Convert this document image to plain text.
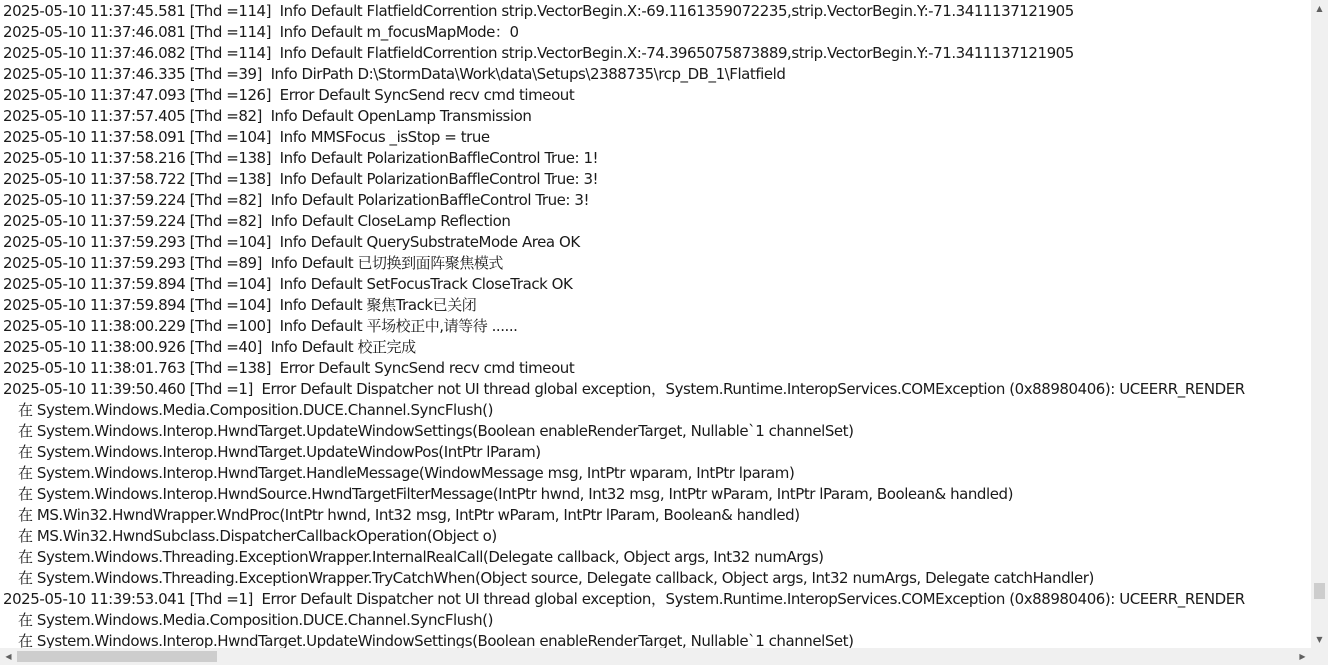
2025-05-10 11:37:45.581 [Thd =114]  Info Default FlatfieldCorrention strip.VectorBegin.X:-69.1161359072235,strip.VectorBegin.Y:-71.3411137121905
2025-05-10 11:37:46.081 [Thd =114]  Info Default m_focusMapMode：0
2025-05-10 11:37:46.082 [Thd =114]  Info Default FlatfieldCorrention strip.VectorBegin.X:-74.3965075873889,strip.VectorBegin.Y:-71.3411137121905
2025-05-10 11:37:46.335 [Thd =39]  Info DirPath D:\StormData\Work\data\Setups\2388735\rcp_DB_1\Flatfield
2025-05-10 11:37:47.093 [Thd =126]  Error Default SyncSend recv cmd timeout
2025-05-10 11:37:57.405 [Thd =82]  Info Default OpenLamp Transmission
2025-05-10 11:37:58.091 [Thd =104]  Info MMSFocus _isStop = true
2025-05-10 11:37:58.216 [Thd =138]  Info Default PolarizationBaffleControl True: 1!
2025-05-10 11:37:58.722 [Thd =138]  Info Default PolarizationBaffleControl True: 3!
2025-05-10 11:37:59.224 [Thd =82]  Info Default PolarizationBaffleControl True: 3!
2025-05-10 11:37:59.224 [Thd =82]  Info Default CloseLamp Reflection
2025-05-10 11:37:59.293 [Thd =104]  Info Default QuerySubstrateMode Area OK
2025-05-10 11:37:59.293 [Thd =89]  Info Default 已切换到面阵聚焦模式
2025-05-10 11:37:59.894 [Thd =104]  Info Default SetFocusTrack CloseTrack OK
2025-05-10 11:37:59.894 [Thd =104]  Info Default 聚焦Track已关闭
2025-05-10 11:38:00.229 [Thd =100]  Info Default 平场校正中,请等待 ......
2025-05-10 11:38:00.926 [Thd =40]  Info Default 校正完成
2025-05-10 11:38:01.763 [Thd =138]  Error Default SyncSend recv cmd timeout
2025-05-10 11:39:50.460 [Thd =1]  Error Default Dispatcher not UI thread global exception，System.Runtime.InteropServices.COMException (0x88980406): UCEERR_RENDER
在 System.Windows.Media.Composition.DUCE.Channel.SyncFlush()
在 System.Windows.Interop.HwndTarget.UpdateWindowSettings(Boolean enableRenderTarget, Nullable`1 channelSet)
在 System.Windows.Interop.HwndTarget.UpdateWindowPos(IntPtr lParam)
在 System.Windows.Interop.HwndTarget.HandleMessage(WindowMessage msg, IntPtr wparam, IntPtr lparam)
在 System.Windows.Interop.HwndSource.HwndTargetFilterMessage(IntPtr hwnd, Int32 msg, IntPtr wParam, IntPtr lParam, Boolean& handled)
在 MS.Win32.HwndWrapper.WndProc(IntPtr hwnd, Int32 msg, IntPtr wParam, IntPtr lParam, Boolean& handled)
在 MS.Win32.HwndSubclass.DispatcherCallbackOperation(Object o)
在 System.Windows.Threading.ExceptionWrapper.InternalRealCall(Delegate callback, Object args, Int32 numArgs)
在 System.Windows.Threading.ExceptionWrapper.TryCatchWhen(Object source, Delegate callback, Object args, Int32 numArgs, Delegate catchHandler)
2025-05-10 11:39:53.041 [Thd =1]  Error Default Dispatcher not UI thread global exception，System.Runtime.InteropServices.COMException (0x88980406): UCEERR_RENDER
在 System.Windows.Media.Composition.DUCE.Channel.SyncFlush()
在 System.Windows.Interop.HwndTarget.UpdateWindowSettings(Boolean enableRenderTarget, Nullable`1 channelSet)
▲
▼
◀	▶
